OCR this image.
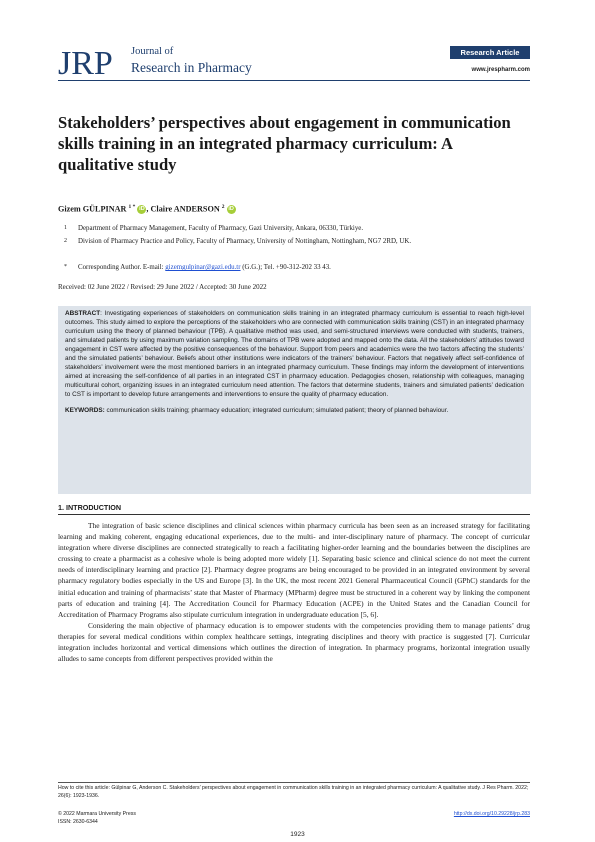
JRP Journal of
Research in Pharmacy
Research Article
www.jrespharm.com
Stakeholders’ perspectives about engagement in communication skills training in an integrated pharmacy curriculum: A qualitative study
Gizem GÜLPINAR $^{1 *}$ iD , Claire ANDERSON $^2$ iD
1 Department of Pharmacy Management, Faculty of Pharmacy, Gazi University, Ankara, 06330, Türkiye.
2 Division of Pharmacy Practice and Policy, Faculty of Pharmacy, University of Nottingham, Nottingham, NG7 2RD, UK.
* Corresponding Author. E-mail: gizemgulpinar@gazi.edu.tr (G.G.); Tel. +90-312-202 33 43.
Received: 02 June 2022 / Revised: 29 June 2022 / Accepted: 30 June 2022
ABSTRACT: Investigating experiences of stakeholders on communication skills training in an integrated pharmacy curriculum is essential to reach high-level outcomes. This study aimed to explore the perceptions of the stakeholders who are connected with communication skills training (CST) in an integrated pharmacy curriculum using the theory of planned behaviour (TPB). A qualitative method was used, and semi-structured interviews were conducted with students, trainers, and simulated patients by using maximum variation sampling. The domains of TPB were adopted and mapped onto the data. All the stakeholders’ attitudes toward engagement in CST were affected by the positive consequences of the behaviour. Support from peers and academics were the two factors affecting the students’ and the simulated patients’ behaviour. Beliefs about other institutions were indicators of the trainers’ behaviour. Factors that negatively affect self-confidence of stakeholders’ involvement were the most mentioned barriers in an integrated pharmacy curriculum. These findings may inform the development of interventions aimed at increasing the self-confidence of all parties in an integrated CST in pharmacy education. Pedagogies chosen, relationship with colleagues, managing multicultural cohort, organizing issues in an integrated curriculum need attention. The factors that determine students, trainers and simulated patients’ dedication to CST is important to develop future arrangements and interventions to ensure the quality of pharmacy education.
KEYWORDS: communication skills training; pharmacy education; integrated curriculum; simulated patient; theory of planned behaviour.
1. INTRODUCTION

The integration of basic science disciplines and clinical sciences within pharmacy curricula has been seen as an increased strategy for facilitating learning and making coherent, engaging educational experiences, due to the multi- and inter-disciplinary nature of pharmacy. The concept of curricular integration where diverse disciplines are connected strategically to reach a facilitating higher-order learning and the boundaries between the disciplines are crossing to create a pharmacist as a cohesive whole is being adopted more widely [1]. Separating basic science and clinical science do not meet the current needs of interdisciplinary learning and practice [2]. Pharmacy degree programs are being encouraged to be provided in an integrated environment by several pharmacy regulatory bodies especially in the US and Europe [3]. In the UK, the most recent 2021 General Pharmaceutical Council (GPhC) standards for the initial education and training of pharmacists’ state that Master of Pharmacy (MPharm) degree must be structured in a coherent way by linking the component parts of education and training [4]. The Accreditation Council for Pharmacy Education (ACPE) in the United States and the Canadian Council for Accreditation of Pharmacy Programs also stipulate curriculum integration in undergraduate education [5, 6].

Considering the main objective of pharmacy education is to empower students with the competencies providing them to manage patients’ drug therapies for several medical conditions within complex healthcare settings, integrating disciplines and theory with practice is suggested [7]. Curricular integration includes horizontal and vertical dimensions which outlines the direction of integration. In pharmacy programs, horizontal integration usually alludes to same concepts from different perspectives provided within the

How to cite this article: Gülpinar G, Anderson C. Stakeholders’ perspectives about engagement in communication skills training in an integrated pharmacy curriculum: A qualitative study. J Res Pharm. 2022; 26(6): 1923-1936.
© 2022 Marmara University Press
ISSN: 2630-6344
http://dx.doi.org/10.29228/jrp.283
1923
